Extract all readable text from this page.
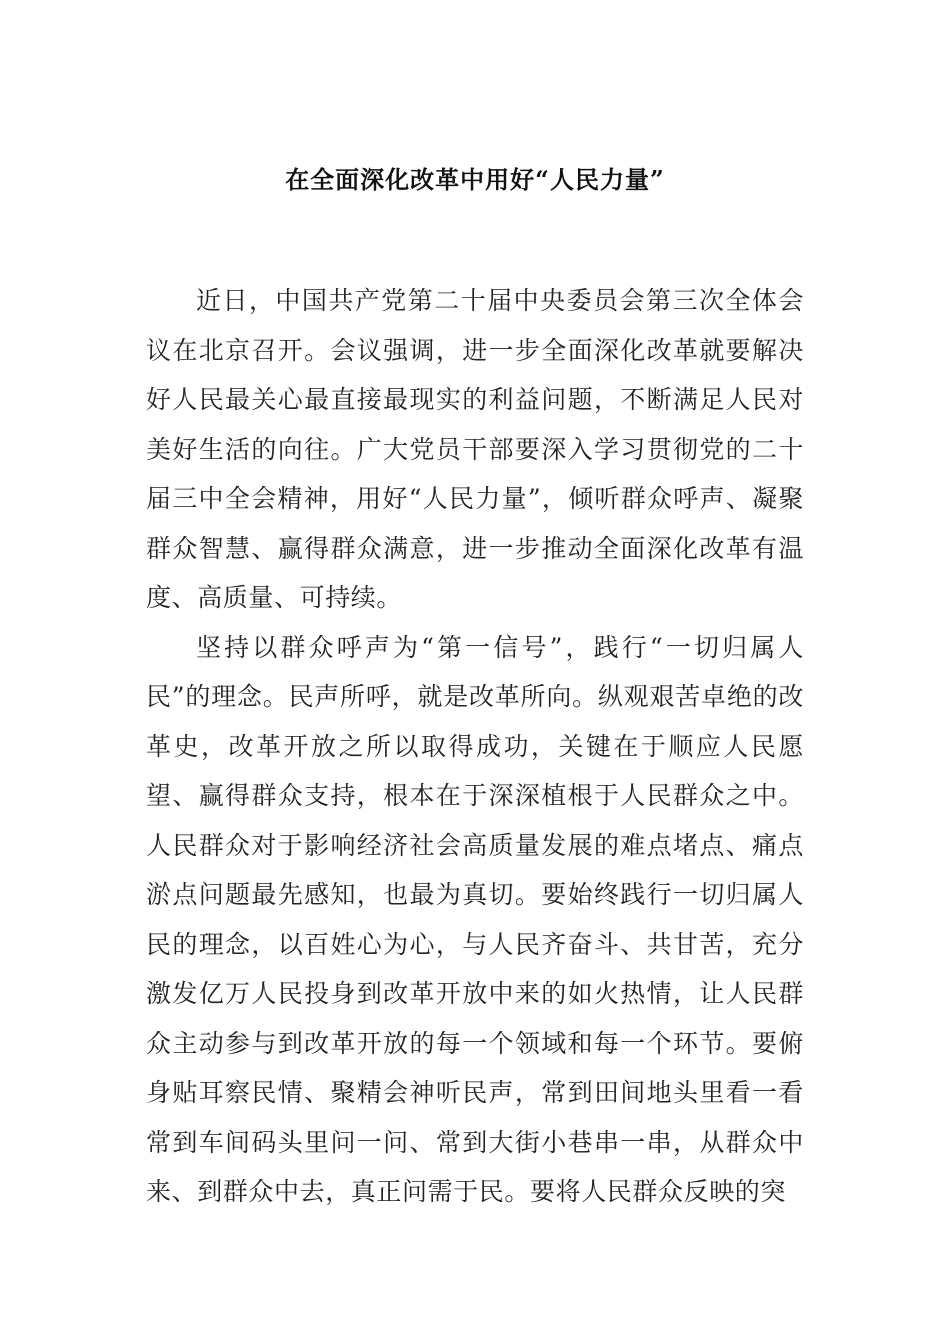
在全面深化改革中用好“人民力量”

近日，中国共产党第二十届中央委员会第三次全体会议在北京召开。会议强调，进一步全面深化改革就要解决好人民最关心最直接最现实的利益问题，不断满足人民对美好生活的向往。广大党员干部要深入学习贯彻党的二十届三中全会精神，用好“人民力量”，倾听群众呼声、凝聚群众智慧、赢得群众满意，进一步推动全面深化改革有温度、高质量、可持续。

坚持以群众呼声为“第一信号”，践行“一切归属人民”的理念。民声所呼，就是改革所向。纵观艰苦卓绝的改革史，改革开放之所以取得成功，关键在于顺应人民愿望、赢得群众支持，根本在于深深植根于人民群众之中。人民群众对于影响经济社会高质量发展的难点堵点、痛点淤点问题最先感知，也最为真切。要始终践行一切归属人民的理念，以百姓心为心，与人民齐奋斗、共甘苦，充分激发亿万人民投身到改革开放中来的如火热情，让人民群众主动参与到改革开放的每一个领域和每一个环节。要俯身贴耳察民情、聚精会神听民声，常到田间地头里看一看常到车间码头里问一问、常到大街小巷串一串，从群众中来、到群众中去，真正问需于民。要将人民群众反映的突
